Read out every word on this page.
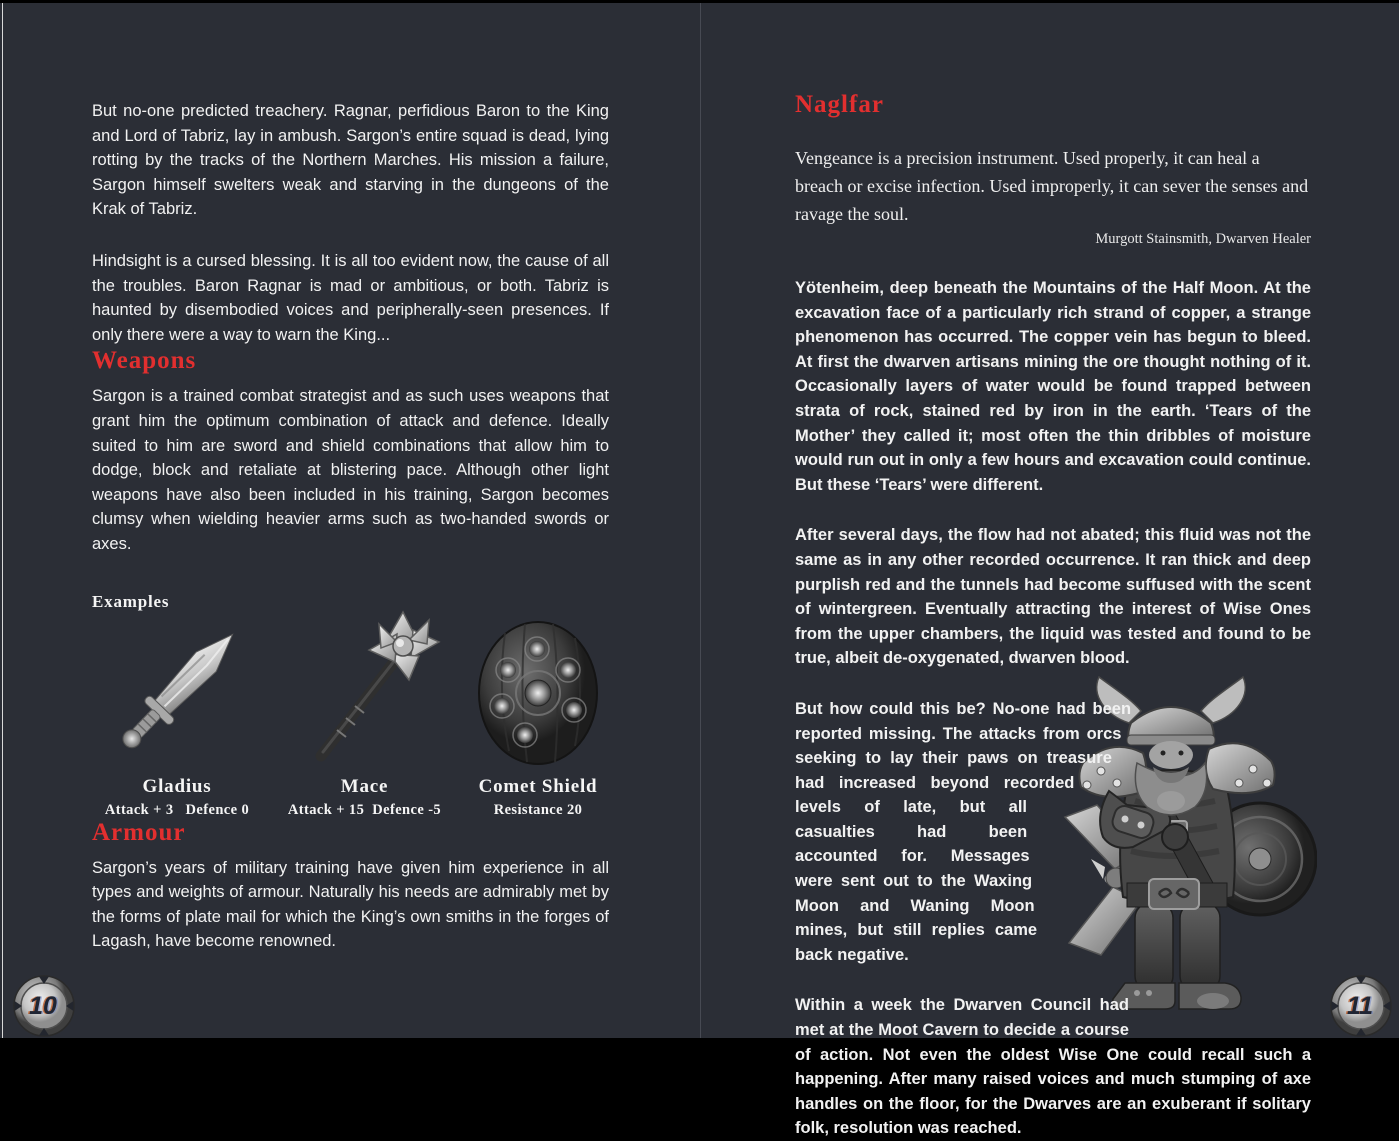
But no-one predicted treachery. Ragnar, perfidious Baron to the King and Lord of Tabriz, lay in ambush. Sargon’s entire squad is dead, lying rotting by the tracks of the Northern Marches. His mission a failure, Sargon himself swelters weak and starving in the dungeons of the Krak of Tabriz.

Hindsight is a cursed blessing. It is all too evident now, the cause of all the troubles. Baron Ragnar is mad or ambitious, or both. Tabriz is haunted by disembodied voices and peripherally-seen presences. If only there were a way to warn the King...

Weapons

Sargon is a trained combat strategist and as such uses weapons that grant him the optimum combination of attack and defence. Ideally suited to him are sword and shield combinations that allow him to dodge, block and retaliate at blistering pace. Although other light weapons have also been included in his training, Sargon becomes clumsy when wielding heavier arms such as two-handed swords or axes.

Examples
Gladius	Mace	Comet Shield
Attack + 3   Defence 0	Attack + 15  Defence -5	Resistance 20
Armour

Sargon’s years of military training have given him experience in all types and weights of armour. Naturally his needs are admirably met by the forms of plate mail for which the King’s own smiths in the forges of Lagash, have become renowned.

Naglfar
Vengeance is a precision instrument. Used properly, it can heal a breach or excise infection. Used improperly, it can sever the senses and ravage the soul.
Murgott Stainsmith, Dwarven Healer

Yötenheim, deep beneath the Mountains of the Half Moon. At the excavation face of a particularly rich strand of copper, a strange phenomenon has occurred. The copper vein has begun to bleed. At first the dwarven artisans mining the ore thought nothing of it. Occasionally layers of water would be found trapped between strata of rock, stained red by iron in the earth. ‘Tears of the Mother’ they called it; most often the thin dribbles of moisture would run out in only a few hours and excavation could continue. But these ‘Tears’ were different.

After several days, the flow had not abated; this fluid was not the same as in any other recorded occurrence. It ran thick and deep purplish red and the tunnels had become suffused with the scent of wintergreen. Eventually attracting the interest of Wise Ones from the upper chambers, the liquid was tested and found to be true, albeit de-oxygenated, dwarven blood.

But how could this be? No-one had been reported missing. The attacks from orcs seeking to lay their paws on treasure had increased beyond recorded levels of late, but all casualties had been accounted for. Messages were sent out to the Waxing Moon and Waning Moon mines, but still replies came back negative.

Within a week the Dwarven Council had met at the Moot Cavern to decide a course of action. Not even the oldest Wise One could recall such a happening. After many raised voices and much stumping of axe handles on the floor, for the Dwarves are an exuberant if solitary folk, resolution was reached.

10	11
